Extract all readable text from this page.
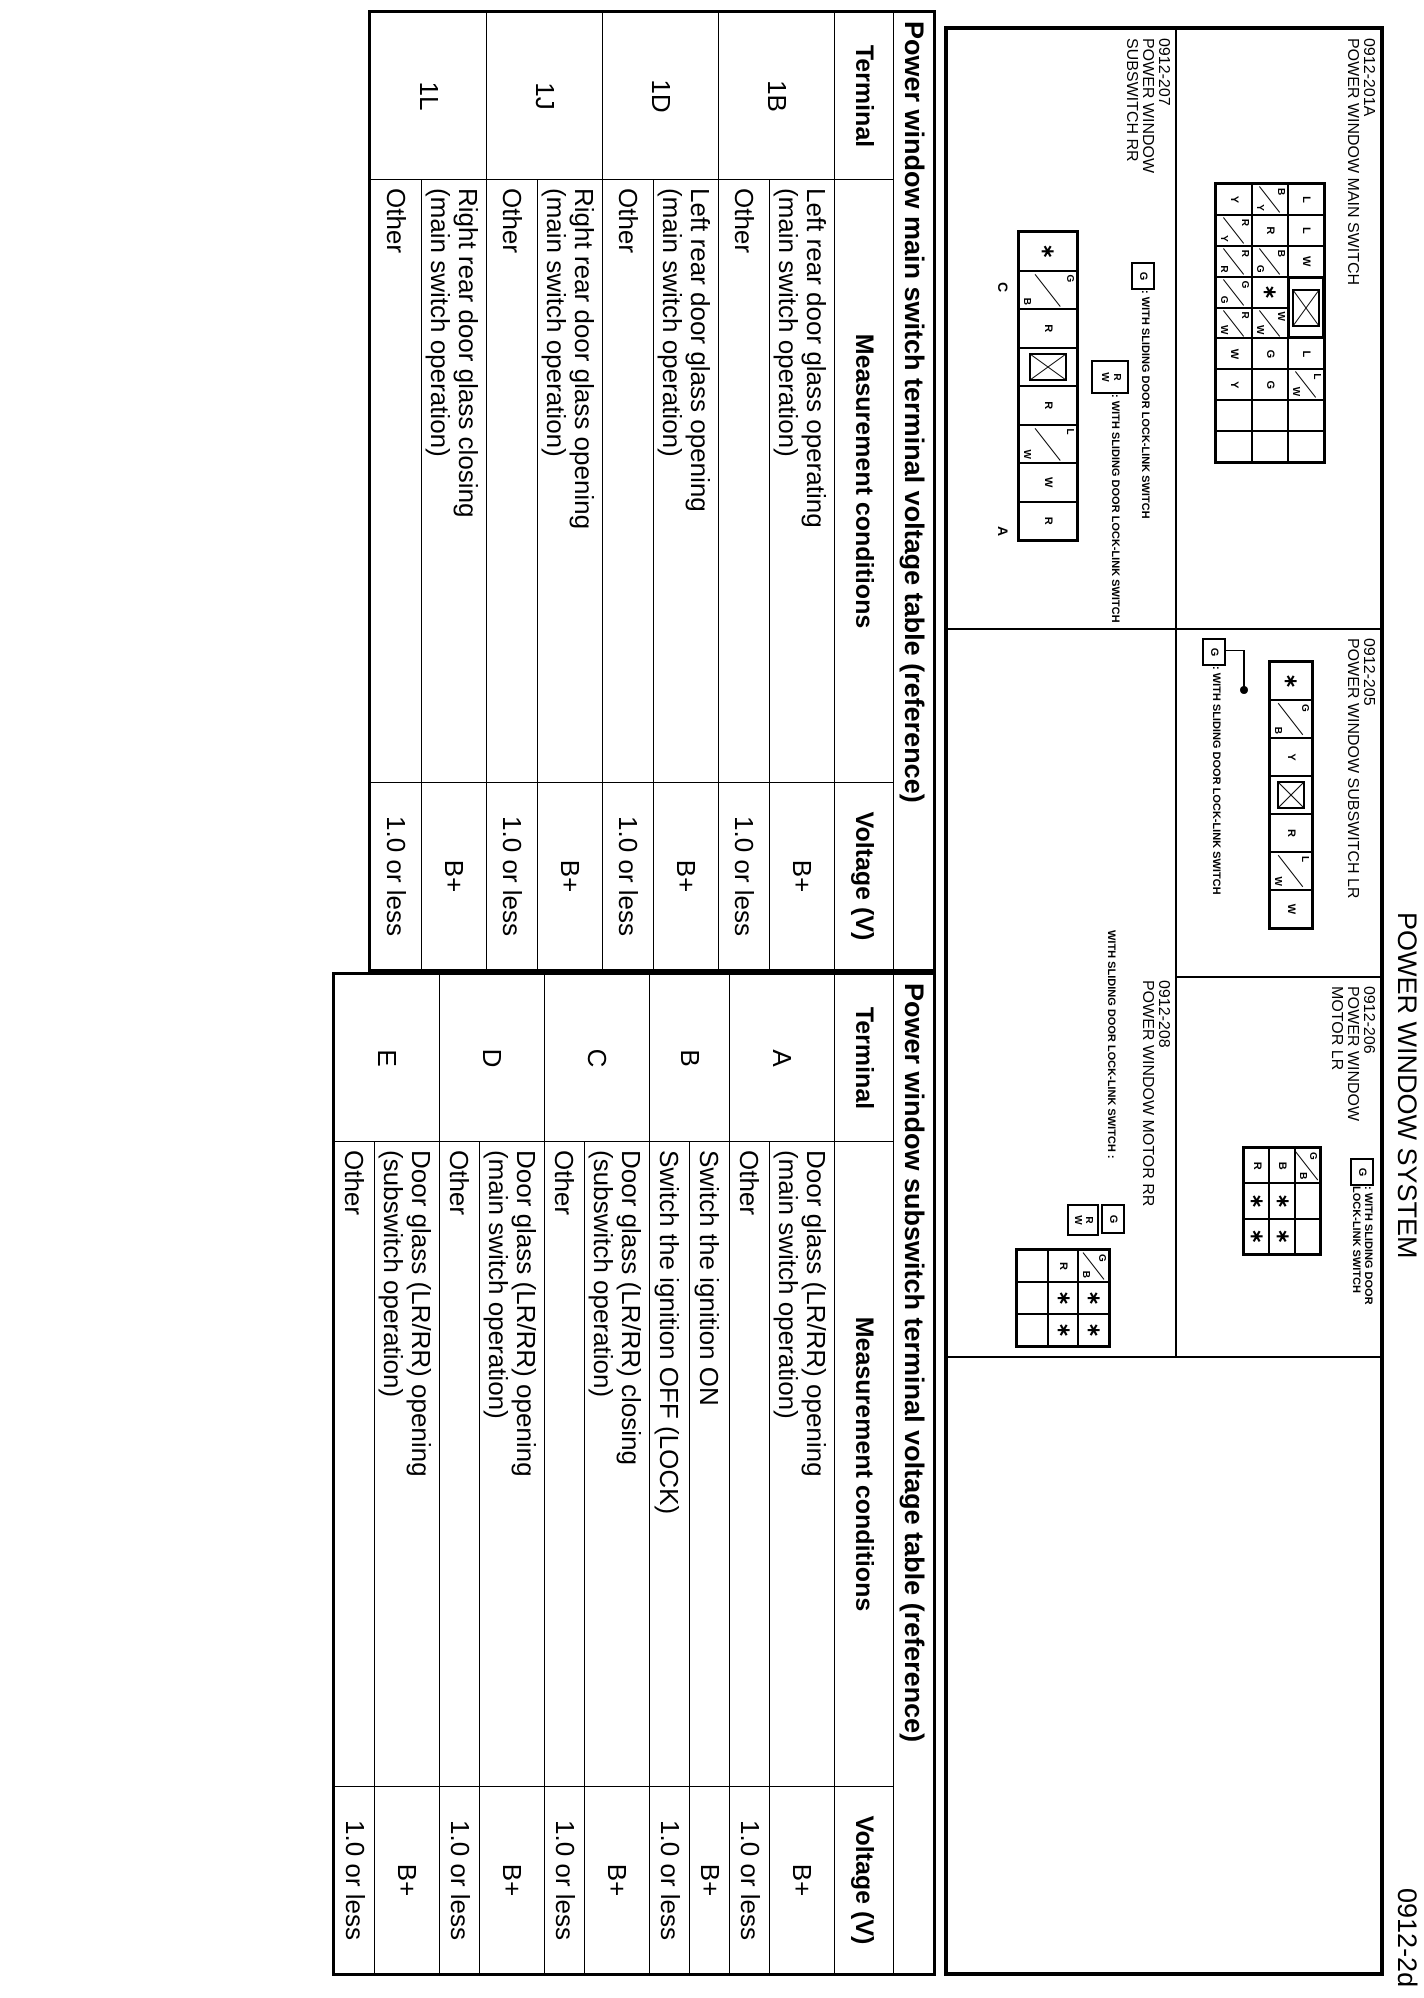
POWER WINDOW SYSTEM
0912-2d
0912-201A
POWER WINDOW MAIN SWITCH
L
B
Y
Y
L
R
R
Y
W
B
G
R
R
∗
W
W
G
G
R
W
L
G
W
L
W
G
Y
0912-205
POWER WINDOW SUBSWITCH LR
G
: WITH SLIDING DOOR LOCK-LINK SWITCH	∗
G
B
Y
R
L
W
W
0912-206
POWER WINDOW
MOTOR LR
G
: WITH SLIDING DOOR
LOCK-LINK SWITCH
G
B
B
∗
∗
R
∗
∗
0912-207
POWER WINDOW
SUBSWITCH RR
G
: WITH SLIDING DOOR LOCK-LINK SWITCH
R
W
: WITH SLIDING DOOR LOCK-LINK SWITCH
∗
G
B
R
R
L
W
W
R
C
A
0912-208
POWER WINDOW MOTOR RR
WITH SLIDING DOOR LOCK-LINK SWITCH :
G
R
W
G
B
∗
∗
R
∗
∗
Power window main switch terminal voltage table (reference)		
Terminal	Measurement conditions	Voltage (V)
1B	Left rear door glass operating
(main switch operation)	B+
	Other	1.0 or less
1D	Left rear door glass opening
(main switch operation)	B+
	Other	1.0 or less
1J	Right rear door glass opening
(main switch operation)	B+
	Other	1.0 or less
1L	Right rear door glass closing
(main switch operation)	B+
	Other	1.0 or less
Power window subswitch terminal voltage table (reference)		
Terminal	Measurement conditions	Voltage (V)
A	Door glass (LR/RR) opening
(main switch operation)	B+
	Other	1.0 or less
B	Switch the ignition ON	B+
	Switch the ignition OFF (LOCK)	1.0 or less
C	Door glass (LR/RR) closing
(subswitch operation)	B+
	Other	1.0 or less
D	Door glass (LR/RR) opening
(main switch operation)	B+
	Other	1.0 or less
E	Door glass (LR/RR) opening
(subswitch operation)	B+
	Other	1.0 or less
